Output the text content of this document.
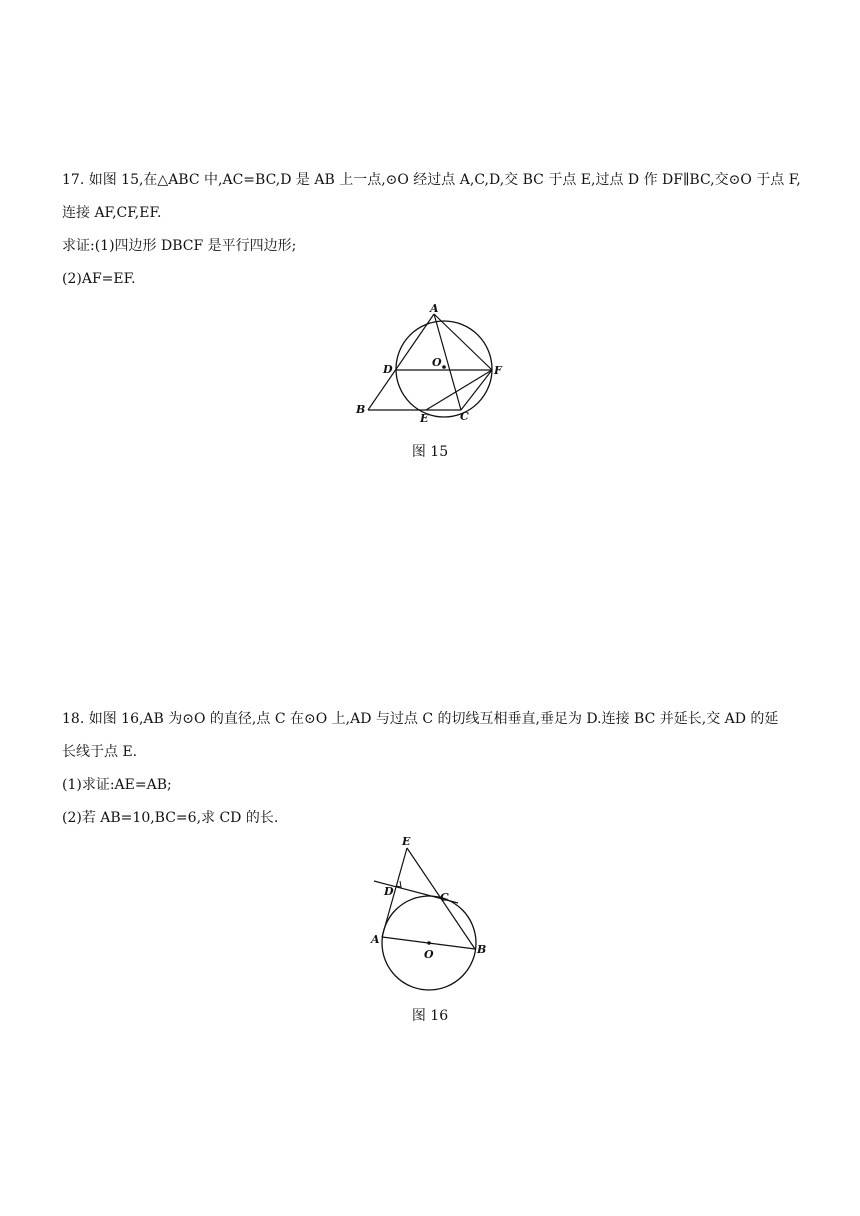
17. 如图 15,在△ABC 中,AC=BC,D 是 AB 上一点,⊙O 经过点 A,C,D,交 BC 于点 E,过点 D 作 DF∥BC,交⊙O 于点 F,

连接 AF,CF,EF.

求证:(1)四边形 DBCF 是平行四边形;

(2)AF=EF.

A
O
D	F
B
E	C
图 15

18. 如图 16,AB 为⊙O 的直径,点 C 在⊙O 上,AD 与过点 C 的切线互相垂直,垂足为 D.连接 BC 并延长,交 AD 的延

长线于点 E.

(1)求证:AE=AB;

(2)若 AB=10,BC=6,求 CD 的长.

E
D	C
A
O	B
图 16
